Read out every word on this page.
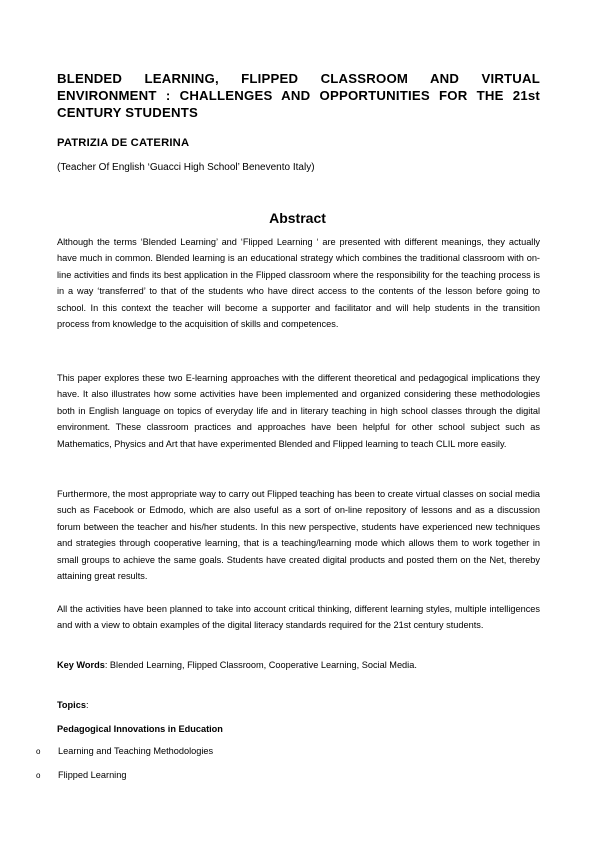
BLENDED LEARNING, FLIPPED CLASSROOM AND VIRTUAL ENVIRONMENT : CHALLENGES AND OPPORTUNITIES FOR THE 21st CENTURY STUDENTS
PATRIZIA DE CATERINA
(Teacher Of English ‘Guacci High School’ Benevento Italy)
Abstract

Although the terms ‘Blended Learning’ and ‘Flipped Learning ‘ are presented with different meanings, they actually have much in common. Blended learning is an educational strategy which combines the traditional classroom with on-line activities and finds its best application in the Flipped classroom where the responsibility for the teaching process is in a way ‘transferred’ to that of the students who have direct access to the contents of the lesson before going to school. In this context the teacher will become a supporter and facilitator and will help students in the transition process from knowledge to the acquisition of skills and competences.

This paper explores these two E-learning approaches with the different theoretical and pedagogical implications they have. It also illustrates how some activities have been implemented and organized considering these methodologies both in English language on topics of everyday life and in literary teaching in high school classes through the digital environment. These classroom practices and approaches have been helpful for other school subject such as Mathematics, Physics and Art that have experimented Blended and Flipped learning to teach CLIL more easily.

Furthermore, the most appropriate way to carry out Flipped teaching has been to create virtual classes on social media such as Facebook or Edmodo, which are also useful as a sort of on-line repository of lessons and as a discussion forum between the teacher and his/her students. In this new perspective, students have experienced new techniques and strategies through cooperative learning, that is a teaching/learning mode which allows them to work together in small groups to achieve the same goals. Students have created digital products and posted them on the Net, thereby attaining great results.

All the activities have been planned to take into account critical thinking, different learning styles, multiple intelligences and with a view to obtain examples of the digital literacy standards required for the 21st century students.

Key Words: Blended Learning, Flipped Classroom, Cooperative Learning, Social Media.
Topics:
Pedagogical Innovations in Education
o Learning and Teaching Methodologies
o Flipped Learning
